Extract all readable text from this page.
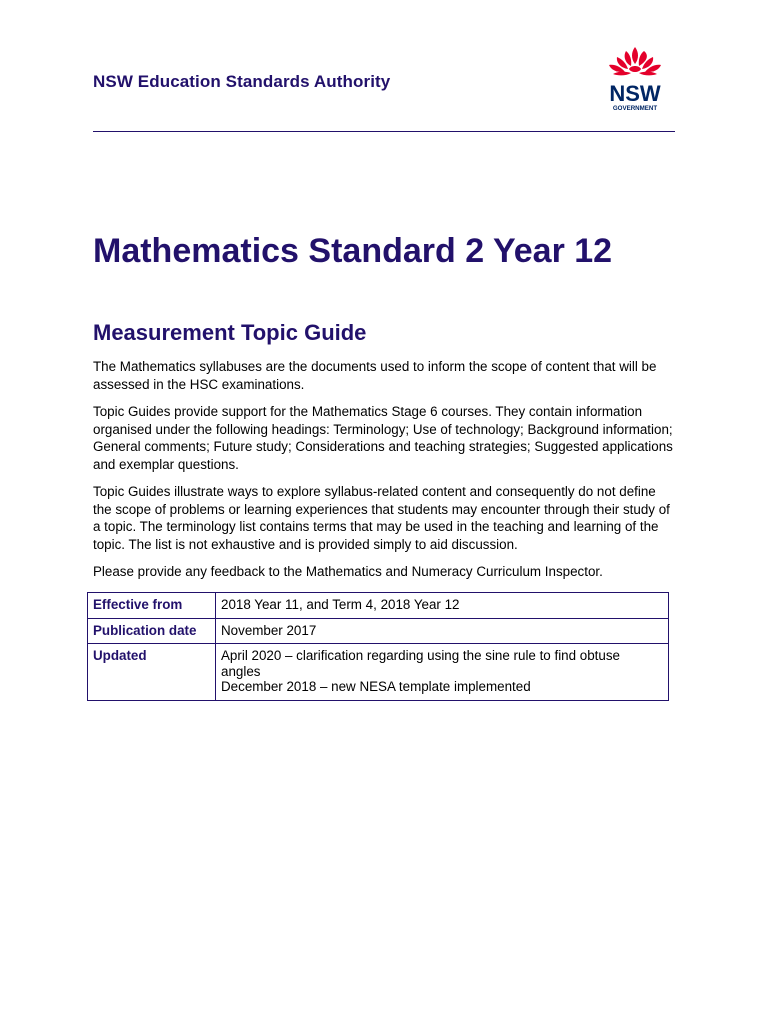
NSW Education Standards Authority	NSW
GOVERNMENT
Mathematics Standard 2 Year 12
Measurement Topic Guide

The Mathematics syllabuses are the documents used to inform the scope of content that will be assessed in the HSC examinations.

Topic Guides provide support for the Mathematics Stage 6 courses. They contain information organised under the following headings: Terminology; Use of technology; Background information; General comments; Future study; Considerations and teaching strategies; Suggested applications and exemplar questions.

Topic Guides illustrate ways to explore syllabus-related content and consequently do not define the scope of problems or learning experiences that students may encounter through their study of a topic. The terminology list contains terms that may be used in the teaching and learning of the topic. The list is not exhaustive and is provided simply to aid discussion.

Please provide any feedback to the Mathematics and Numeracy Curriculum Inspector.

Effective from	2018 Year 11, and Term 4, 2018 Year 12

Publication date	November 2017

Updated	April 2020 – clarification regarding using the sine rule to find obtuse angles
December 2018 – new NESA template implemented
